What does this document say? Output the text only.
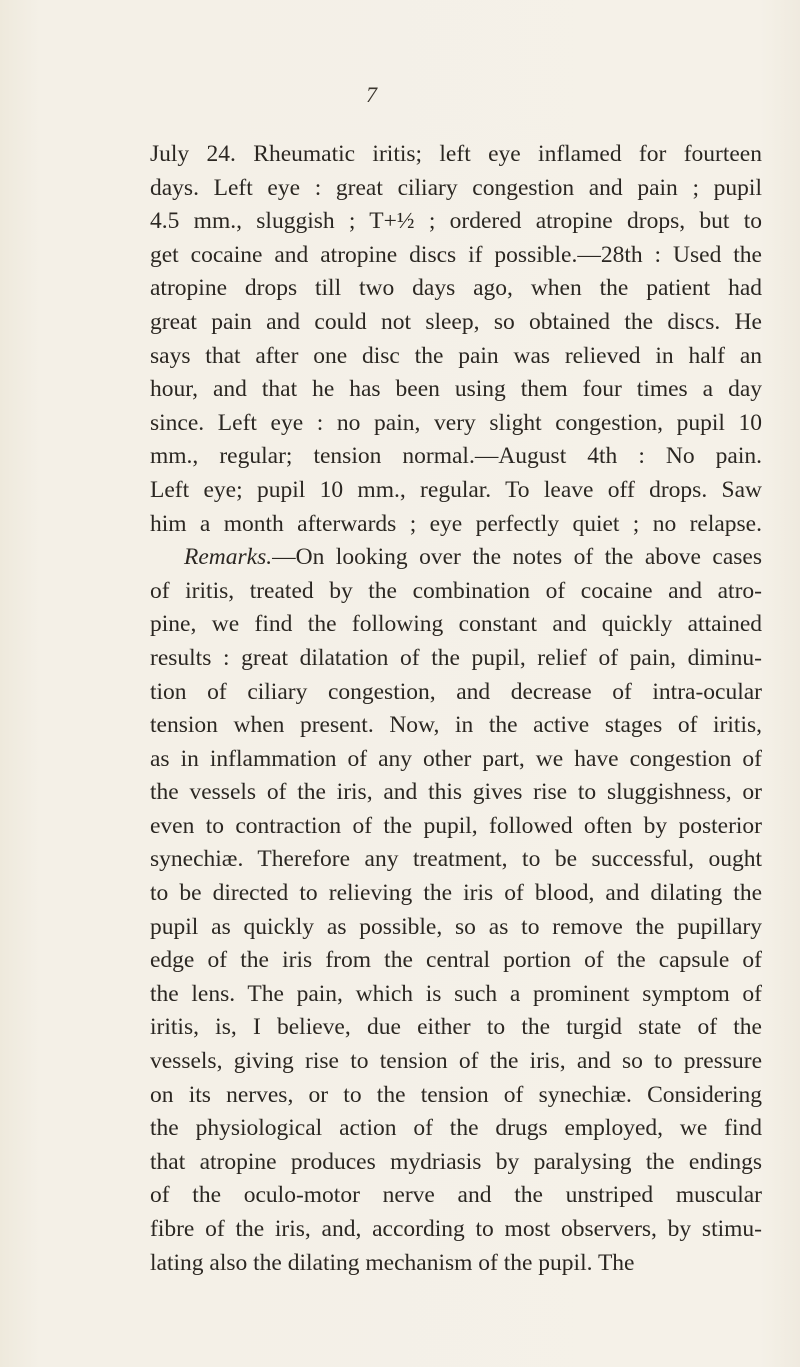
7
July 24. Rheumatic iritis; left eye inflamed for fourteen
days. Left eye : great ciliary congestion and pain ; pupil
4.5 mm., sluggish ; T+½ ; ordered atropine drops, but to
get cocaine and atropine discs if possible.—28th : Used the
atropine drops till two days ago, when the patient had
great pain and could not sleep, so obtained the discs. He
says that after one disc the pain was relieved in half an
hour, and that he has been using them four times a day
since. Left eye : no pain, very slight congestion, pupil 10
mm., regular; tension normal.—August 4th : No pain.
Left eye; pupil 10 mm., regular. To leave off drops. Saw
him a month afterwards ; eye perfectly quiet ; no relapse.
Remarks.—On looking over the notes of the above cases
of iritis, treated by the combination of cocaine and atro-
pine, we find the following constant and quickly attained
results : great dilatation of the pupil, relief of pain, diminu-
tion of ciliary congestion, and decrease of intra-ocular
tension when present. Now, in the active stages of iritis,
as in inflammation of any other part, we have congestion of
the vessels of the iris, and this gives rise to sluggishness, or
even to contraction of the pupil, followed often by posterior
synechiæ. Therefore any treatment, to be successful, ought
to be directed to relieving the iris of blood, and dilating the
pupil as quickly as possible, so as to remove the pupillary
edge of the iris from the central portion of the capsule of
the lens. The pain, which is such a prominent symptom of
iritis, is, I believe, due either to the turgid state of the
vessels, giving rise to tension of the iris, and so to pressure
on its nerves, or to the tension of synechiæ. Considering
the physiological action of the drugs employed, we find
that atropine produces mydriasis by paralysing the endings
of the oculo-motor nerve and the unstriped muscular
fibre of the iris, and, according to most observers, by stimu-
lating also the dilating mechanism of the pupil. The
